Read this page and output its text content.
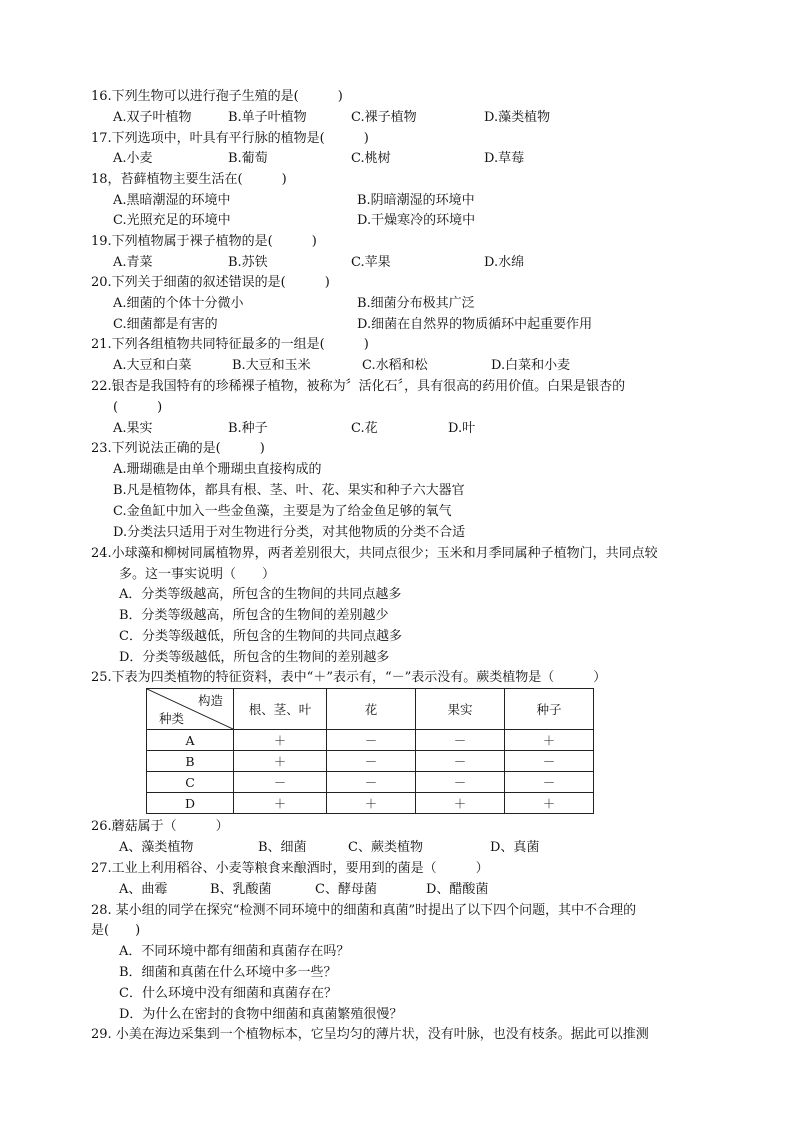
16.下列生物可以进行孢子生殖的是(　　　)
A.双子叶植物	B.单子叶植物	C.裸子植物	D.藻类植物
17.下列选项中，叶具有平行脉的植物是(　　　)
A.小麦	B.葡萄	C.桃树	D.草莓
18，苔藓植物主要生活在(　　　)
A.黑暗潮湿的环境中	B.阴暗潮湿的环境中
C.光照充足的环境中	D.干燥寒冷的环境中
19.下列植物属于裸子植物的是(　　　)
A.青菜	B.苏铁	C.苹果	D.水绵
20.下列关于细菌的叙述错误的是(　　　)
A.细菌的个体十分微小	B.细菌分布极其广泛
C.细菌都是有害的	D.细菌在自然界的物质循环中起重要作用
21.下列各组植物共同特征最多的一组是(　　　)
A.大豆和白菜	B.大豆和玉米	C.水稻和松	D.白菜和小麦
22.银杏是我国特有的珍稀裸子植物，被称为〞活化石〞，具有很高的药用价值。白果是银杏的
(　　　)
A.果实	B.种子	C.花	D.叶
23.下列说法正确的是(　　　)
A.珊瑚礁是由单个珊瑚虫直接构成的
B.凡是植物体，都具有根、茎、叶、花、果实和种子六大器官
C.金鱼缸中加入一些金鱼藻，主要是为了给金鱼足够的氧气
D.分类法只适用于对生物进行分类，对其他物质的分类不合适
24.小球藻和柳树同属植物界，两者差别很大，共同点很少；玉米和月季同属种子植物门，共同点较
多。这一事实说明（　　）
A．分类等级越高，所包含的生物间的共同点越多
B．分类等级越高，所包含的生物间的差别越少
C．分类等级越低，所包含的生物间的共同点越多
D．分类等级越低，所包含的生物间的差别越多
25.下表为四类植物的特征资料，表中“＋”表示有，“－”表示没有。蕨类植物是（　　　）
构造
种类	根、茎、叶	花	果实	种子
A	＋	－	－	＋
B	＋	－	－	－
C	－	－	－	－
D	＋	＋	＋	＋
26.蘑菇属于（　　　）
A、藻类植物	B、细菌	C、蕨类植物	D、真菌
27.工业上利用稻谷、小麦等粮食来酿酒时，要用到的菌是（　　　）
A、曲霉	B、乳酸菌	C、酵母菌	D、醋酸菌
28. 某小组的同学在探究“检测不同环境中的细菌和真菌”时提出了以下四个问题，其中不合理的
是(　　)
A．不同环境中都有细菌和真菌存在吗？
B．细菌和真菌在什么环境中多一些？
C．什么环境中没有细菌和真菌存在？
D．为什么在密封的食物中细菌和真菌繁殖很慢？
29. 小美在海边采集到一个植物标本，它呈均匀的薄片状，没有叶脉，也没有枝条。据此可以推测
